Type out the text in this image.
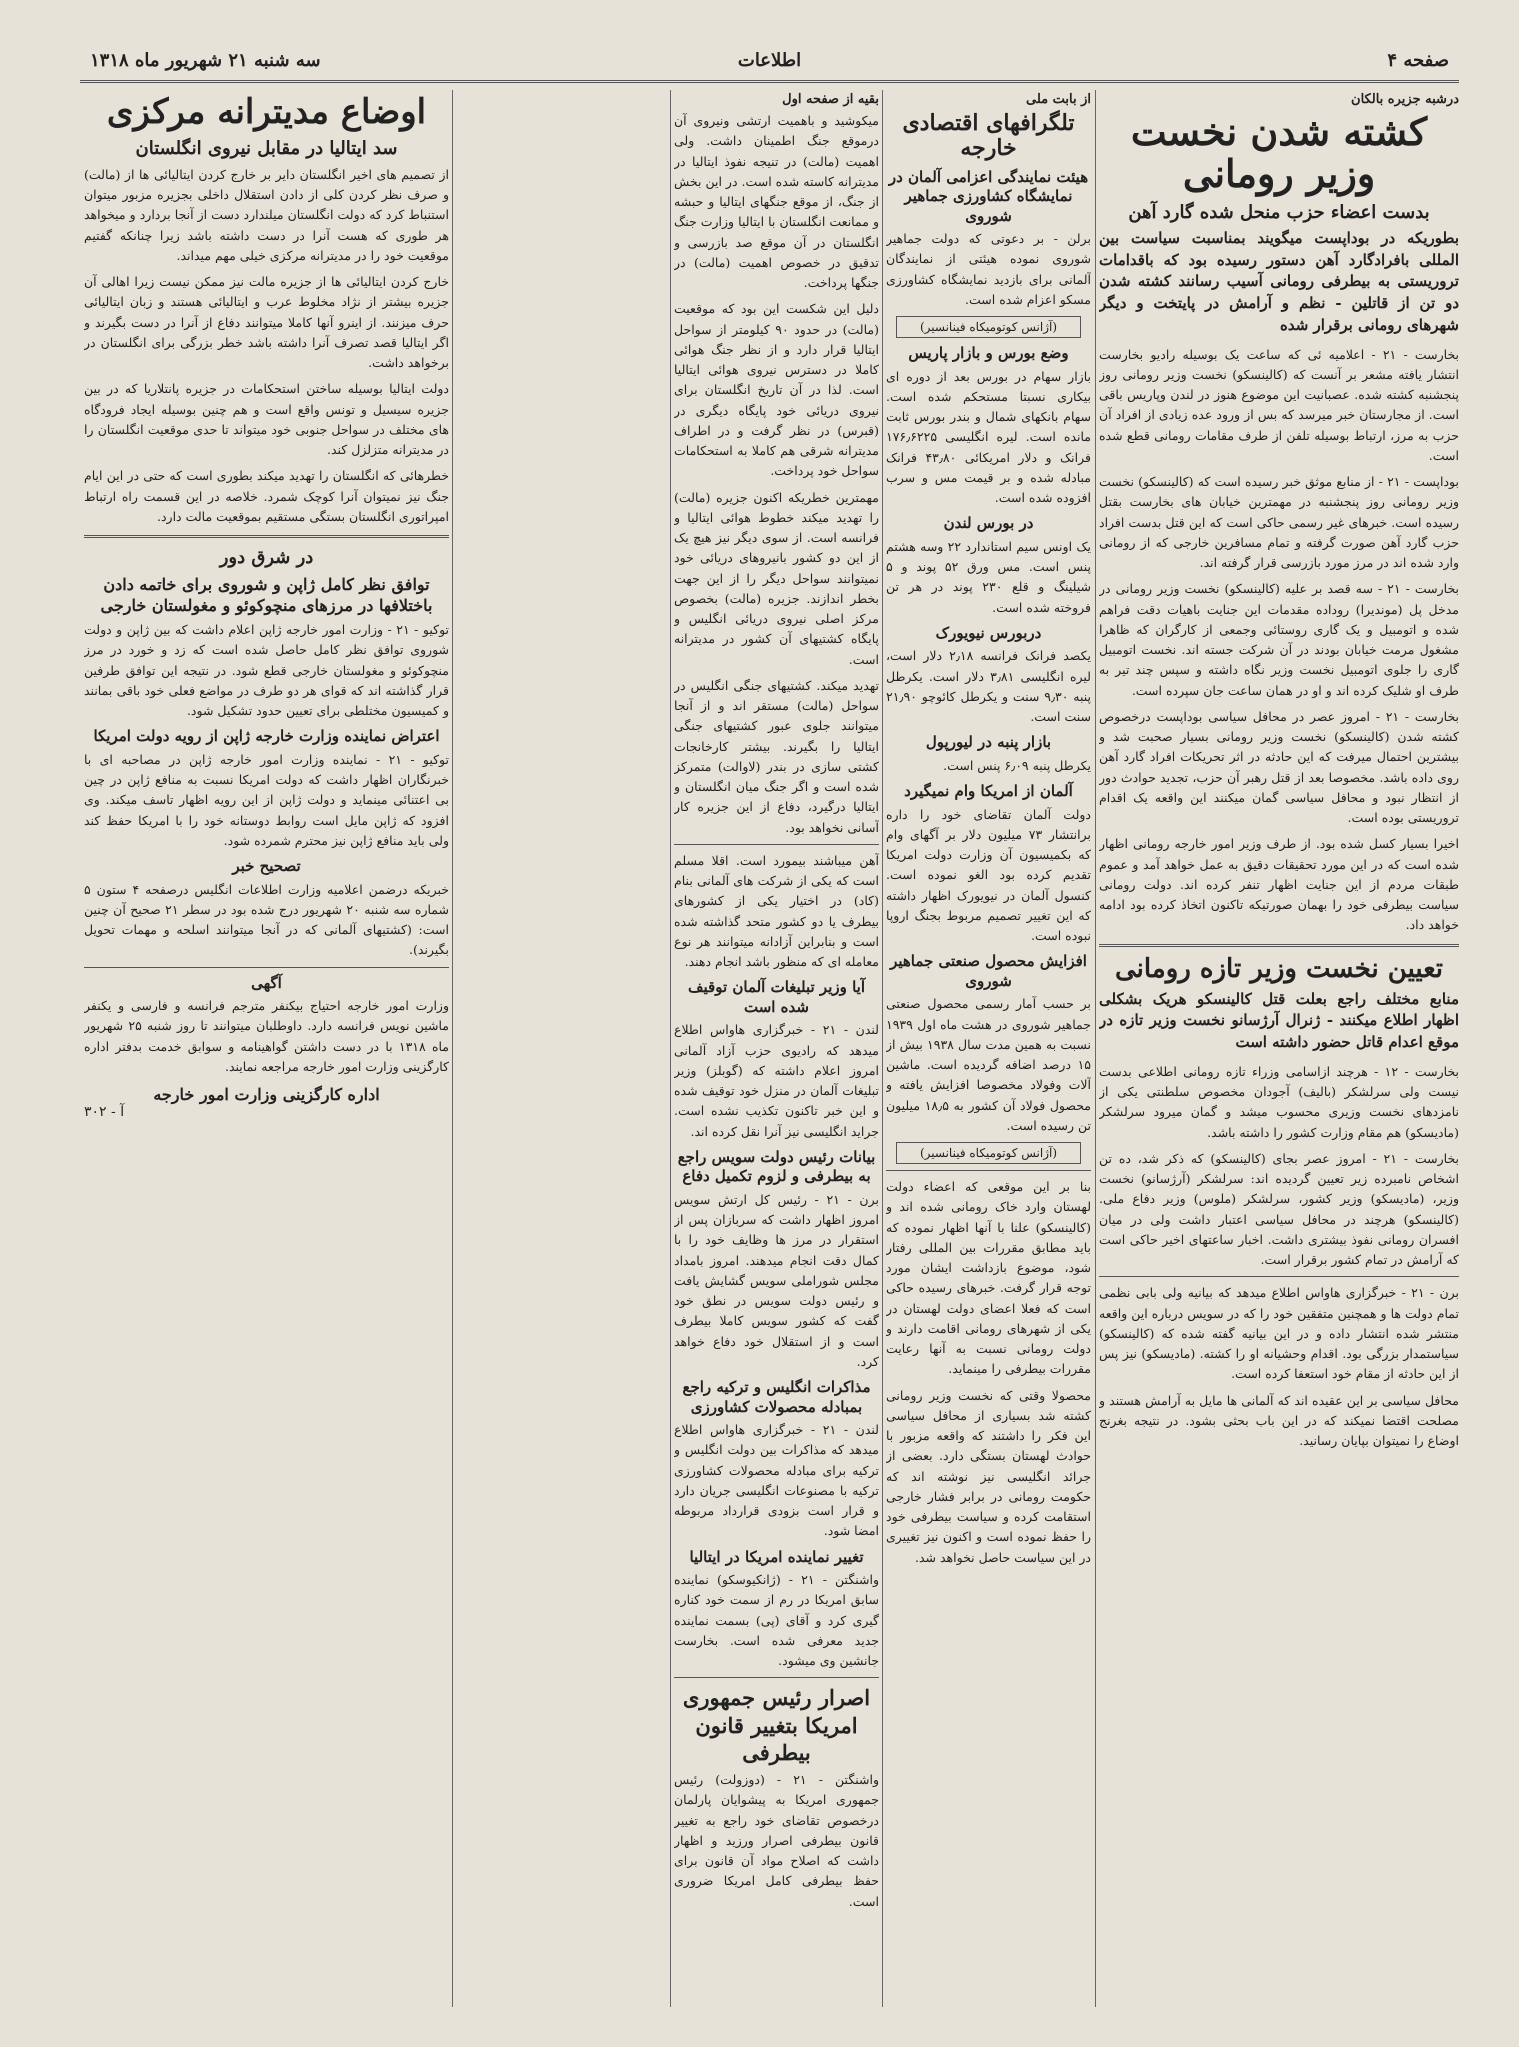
صفحه ۴
اطلاعات
سه شنبه ۲۱ شهریور ماه ۱۳۱۸
درشبه جزیره بالکان
کشته شدن نخست وزیر رومانی
بدست اعضاء حزب منحل شده گارد آهن
بطوریکه در بوداپست میگویند بمناسبت سیاست بین المللی بافرادگارد آهن دستور رسیده بود که باقدامات تروریستی به بیطرفی رومانی آسیب رسانند کشته شدن دو تن از قاتلین - نظم و آرامش در پایتخت و دیگر شهرهای رومانی برقرار شده

بخارست - ۲۱ - اعلامیه ئی که ساعت یک بوسیله رادیو بخارست انتشار یافته مشعر بر آنست که (کالینسکو) نخست وزیر رومانی روز پنجشنبه کشته شده. عصبانیت این موضوع هنوز در لندن وپاریس باقی است. از مجارستان خبر میرسد که بس از ورود عده زیادی از افراد آن حزب به مرز، ارتباط بوسیله تلفن از طرف مقامات رومانی قطع شده است.

بوداپست - ۲۱ - از منابع موثق خبر رسیده است که (کالینسکو) نخست وزیر رومانی روز پنجشنبه در مهمترین خیابان های بخارست بقتل رسیده است. خبرهای غیر رسمی حاکی است که این قتل بدست افراد حزب گارد آهن صورت گرفته و تمام مسافرین خارجی که از رومانی وارد شده اند در مرز مورد بازرسی قرار گرفته اند.

بخارست - ۲۱ - سه قصد بر علیه (کالینسکو) نخست وزیر رومانی در مدخل پل (موندیرا) روداده مقدمات این جنایت باهیات دقت فراهم شده و اتومبیل و یک گاری روستائی وجمعی از کارگران که ظاهرا مشغول مرمت خیابان بودند در آن شرکت جسته اند. نخست اتومبیل گاری را جلوی اتومبیل نخست وزیر نگاه داشته و سپس چند تیر به طرف او شلیک کرده اند و او در همان ساعت جان سپرده است.

بخارست - ۲۱ - امروز عصر در محافل سیاسی بوداپست درخصوص کشته شدن (کالینسکو) نخست وزیر رومانی بسیار صحبت شد و بیشترین احتمال میرفت که این حادثه در اثر تحریکات افراد گارد آهن روی داده باشد. مخصوصا بعد از قتل رهبر آن حزب، تجدید حوادث دور از انتظار نبود و محافل سیاسی گمان میکنند این واقعه یک اقدام تروریستی بوده است.

اخیرا بسیار کسل شده بود. از طرف وزیر امور خارجه رومانی اظهار شده است که در این مورد تحقیقات دقیق به عمل خواهد آمد و عموم طبقات مردم از این جنایت اظهار تنفر کرده اند. دولت رومانی سیاست بیطرفی خود را بهمان صورتیکه تاکنون اتخاذ کرده بود ادامه خواهد داد.

تعیین نخست وزیر تازه رومانی
منابع مختلف راجع بعلت قتل کالینسکو هریک بشکلی اظهار اطلاع میکنند - ژنرال آرژسانو نخست وزیر تازه در موقع اعدام قاتل حضور داشته است

بخارست - ۱۲ - هرچند ازاسامی وزراء تازه رومانی اطلاعی بدست نیست ولی سرلشکر (بالیف) آجودان مخصوص سلطنتی یکی از نامزدهای نخست وزیری محسوب میشد و گمان میرود سرلشکر (مادیسکو) هم مقام وزارت کشور را داشته باشد.

بخارست - ۲۱ - امروز عصر بجای (کالینسکو) که ذکر شد، ده تن اشخاص نامبرده زیر تعیین گردیده اند: سرلشکر (آرژسانو) نخست وزیر، (مادیسکو) وزیر کشور، سرلشکر (ملوس) وزیر دفاع ملی. (کالینسکو) هرچند در محافل سیاسی اعتبار داشت ولی در میان افسران رومانی نفوذ بیشتری داشت. اخبار ساعتهای اخیر حاکی است که آرامش در تمام کشور برقرار است.

برن - ۲۱ - خبرگزاری هاواس اطلاع میدهد که بیانیه ولی بابی نظمی تمام دولت ها و همچنین متفقین خود را که در سویس درباره این واقعه منتشر شده انتشار داده و در این بیانیه گفته شده که (کالینسکو) سیاستمدار بزرگی بود. اقدام وحشیانه او را کشته. (مادیسکو) نیز پس از این حادثه از مقام خود استعفا کرده است.

محافل سیاسی بر این عقیده اند که آلمانی ها مایل به آرامش هستند و مصلحت اقتضا نمیکند که در این باب بحثی بشود. در نتیجه بغرنج اوضاع را نمیتوان بپایان رسانید.

از بابت ملی
تلگرافهای اقتصادی خارجه
هیئت نمایندگی اعزامی آلمان در نمایشگاه کشاورزی جماهیر شوروی

برلن - بر دعوتی که دولت جماهیر شوروی نموده هیئتی از نمایندگان آلمانی برای بازدید نمایشگاه کشاورزی مسکو اعزام شده است.

(آژانس کوتومیکاه فینانسیر)
وضع بورس و بازار پاریس

بازار سهام در بورس بعد از دوره ای بیکاری نسبتا مستحکم شده است. سهام بانکهای شمال و بندر بورس ثابت مانده است. لیره انگلیسی ۱۷۶٫۶۲۲۵ فرانک و دلار امریکائی ۴۳٫۸۰ فرانک مبادله شده و بر قیمت مس و سرب افزوده شده است.

در بورس لندن

یک اونس سیم استاندارد ۲۲ وسه هشتم پنس است. مس ورق ۵۲ پوند و ۵ شیلینگ و قلع ۲۳۰ پوند در هر تن فروخته شده است.

دربورس نیویورک

یکصد فرانک فرانسه ۲٫۱۸ دلار است، لیره انگلیسی ۳٫۸۱ دلار است. یکرطل پنبه ۹٫۳۰ سنت و یکرطل کائوچو ۲۱٫۹۰ سنت است.

بازار پنبه در لیورپول

یکرطل پنبه ۶٫۰۹ پنس است.

آلمان از امریکا وام نمیگیرد

دولت آلمان تقاضای خود را داره برانتشار ۷۳ میلیون دلار بر آگهای وام که بکمیسیون آن وزارت دولت امریکا تقدیم کرده بود الغو نموده است. کنسول آلمان در نیویورک اظهار داشته که این تغییر تصمیم مربوط بجنگ اروپا نبوده است.

افزایش محصول صنعتی جماهیر شوروی

بر حسب آمار رسمی محصول صنعتی جماهیر شوروی در هشت ماه اول ۱۹۳۹ نسبت به همین مدت سال ۱۹۳۸ بیش از ۱۵ درصد اضافه گردیده است. ماشین آلات وفولاد مخصوصا افزایش یافته و محصول فولاد آن کشور به ۱۸٫۵ میلیون تن رسیده است.

(آژانس کوتومیکاه فینانسیر)

بنا بر این موقعی که اعضاء دولت لهستان وارد خاک رومانی شده اند و (کالینسکو) علنا با آنها اظهار نموده که باید مطابق مقررات بین المللی رفتار شود، موضوع بازداشت ایشان مورد توجه قرار گرفت. خبرهای رسیده حاکی است که فعلا اعضای دولت لهستان در یکی از شهرهای رومانی اقامت دارند و دولت رومانی نسبت به آنها رعایت مقررات بیطرفی را مینماید.

محصولا وقتی که نخست وزیر رومانی کشته شد بسیاری از محافل سیاسی این فکر را داشتند که واقعه مزبور با حوادث لهستان بستگی دارد. بعضی از جرائد انگلیسی نیز نوشته اند که حکومت رومانی در برابر فشار خارجی استقامت کرده و سیاست بیطرفی خود را حفظ نموده است و اکنون نیز تغییری در این سیاست حاصل نخواهد شد.

بقیه از صفحه اول

میکوشید و باهمیت ارتشی ونیروی آن درموقع جنگ اطمینان داشت. ولی اهمیت (مالت) در تنیجه نفوذ ایتالیا در مدیترانه کاسته شده است. در این بخش از جنگ، از موقع جنگهای ایتالیا و حبشه و ممانعت انگلستان با ایتالیا وزارت جنگ انگلستان در آن موقع صد بازرسی و تدقیق در خصوص اهمیت (مالت) در جنگها پرداخت.

دلیل این شکست این بود که موقعیت (مالت) در حدود ۹۰ کیلومتر از سواحل ایتالیا قرار دارد و از نظر جنگ هوائی کاملا در دسترس نیروی هوائی ایتالیا است. لذا در آن تاریخ انگلستان برای نیروی دریائی خود پایگاه دیگری در (قبرس) در نظر گرفت و در اطراف مدیترانه شرقی هم کاملا به استحکامات سواحل خود پرداخت.

مهمترین خطریکه اکنون جزیره (مالت) را تهدید میکند خطوط هوائی ایتالیا و فرانسه است. از سوی دیگر نیز هیچ یک از این دو کشور بانیروهای دریائی خود نمیتوانند سواحل دیگر را از این جهت بخطر اندازند. جزیره (مالت) بخصوص مرکز اصلی نیروی دریائی انگلیس و پایگاه کشتیهای آن کشور در مدیترانه است.

تهدید میکند. کشتیهای جنگی انگلیس در سواحل (مالت) مستقر اند و از آنجا میتوانند جلوی عبور کشتیهای جنگی ایتالیا را بگیرند. بیشتر کارخانجات کشتی سازی در بندر (لاوالت) متمرکز شده است و اگر جنگ میان انگلستان و ایتالیا درگیرد، دفاع از این جزیره کار آسانی نخواهد بود.

آهن میباشند بیمورد است. اقلا مسلم است که یکی از شرکت های آلمانی بنام (کاد) در اختیار یکی از کشورهای بیطرف یا دو کشور متحد گذاشته شده است و بنابراین آزادانه میتوانند هر نوع معامله ای که منظور باشد انجام دهند.

آیا وزیر تبلیغات آلمان توقیف شده است

لندن - ۲۱ - خبرگزاری هاواس اطلاع میدهد که رادیوی حزب آزاد آلمانی امروز اعلام داشته که (گوبلز) وزیر تبلیغات آلمان در منزل خود توقیف شده و این خبر تاکنون تکذیب نشده است. جراید انگلیسی نیز آنرا نقل کرده اند.

بیانات رئیس دولت سویس راجع به بیطرفی و لزوم تکمیل دفاع

برن - ۲۱ - رئیس کل ارتش سویس امروز اظهار داشت که سربازان پس از استقرار در مرز ها وظایف خود را با کمال دقت انجام میدهند. امروز بامداد مجلس شوراملی سویس گشایش یافت و رئیس دولت سویس در نطق خود گفت که کشور سویس کاملا بیطرف است و از استقلال خود دفاع خواهد کرد.

مذاکرات انگلیس و ترکیه راجع بمبادله محصولات کشاورزی

لندن - ۲۱ - خبرگزاری هاواس اطلاع میدهد که مذاکرات بین دولت انگلیس و ترکیه برای مبادله محصولات کشاورزی ترکیه با مصنوعات انگلیسی جریان دارد و قرار است بزودی قرارداد مربوطه امضا شود.

تغییر نماینده امریکا در ایتالیا

واشنگتن - ۲۱ - (ژانکیوسکو) نماینده سابق امریکا در رم از سمت خود کناره گیری کرد و آقای (پی) بسمت نماینده جدید معرفی شده است. بخارست جانشین وی میشود.

اصرار رئیس جمهوری امریکا بتغییر قانون بیطرفی

واشنگتن - ۲۱ - (دوزولت) رئیس جمهوری امریکا به پیشوایان پارلمان درخصوص تقاضای خود راجع به تغییر قانون بیطرفی اصرار ورزید و اظهار داشت که اصلاح مواد آن قانون برای حفظ بیطرفی کامل امریکا ضروری است.

اوضاع مدیترانه مرکزی
سد ایتالیا در مقابل نیروی انگلستان

از تصمیم های اخیر انگلستان دایر بر خارج کردن ایتالیائی ها از (مالت) و صرف نظر کردن کلی از دادن استقلال داخلی بجزیره مزبور میتوان استنباط کرد که دولت انگلستان میلندارد دست از آنجا بردارد و میخواهد هر طوری که هست آنرا در دست داشته باشد زیرا چنانکه گفتیم موقعیت خود را در مدیترانه مرکزی خیلی مهم میداند.

خارج کردن ایتالیائی ها از جزیره مالت نیز ممکن نیست زیرا اهالی آن جزیره بیشتر از نژاد مخلوط عرب و ایتالیائی هستند و زبان ایتالیائی حرف میزنند. از اینرو آنها کاملا میتوانند دفاع از آنرا در دست بگیرند و اگر ایتالیا قصد تصرف آنرا داشته باشد خطر بزرگی برای انگلستان در برخواهد داشت.

دولت ایتالیا بوسیله ساختن استحکامات در جزیره پانتلاریا که در بین جزیره سیسیل و تونس واقع است و هم چنین بوسیله ایجاد فرودگاه های مختلف در سواحل جنوبی خود میتواند تا حدی موقعیت انگلستان را در مدیترانه متزلزل کند.

خطرهائی که انگلستان را تهدید میکند بطوری است که حتی در این ایام جنگ نیز نمیتوان آنرا کوچک شمرد. خلاصه در این قسمت راه ارتباط امپراتوری انگلستان بستگی مستقیم بموقعیت مالت دارد.

در شرق دور
توافق نظر کامل ژاپن و شوروی برای خاتمه دادن باختلافها در مرزهای منچوکوئو و مغولستان خارجی

توکیو - ۲۱ - وزارت امور خارجه ژاپن اعلام داشت که بین ژاپن و دولت شوروی توافق نظر کامل حاصل شده است که زد و خورد در مرز منچوکوئو و مغولستان خارجی قطع شود. در نتیجه این توافق طرفین قرار گذاشته اند که قوای هر دو طرف در مواضع فعلی خود باقی بمانند و کمیسیون مختلطی برای تعیین حدود تشکیل شود.

اعتراض نماینده وزارت خارجه ژاپن از رویه دولت امریکا

توکیو - ۲۱ - نماینده وزارت امور خارجه ژاپن در مصاحبه ای با خبرنگاران اظهار داشت که دولت امریکا نسبت به منافع ژاپن در چین بی اعتنائی مینماید و دولت ژاپن از این رویه اظهار تاسف میکند. وی افزود که ژاپن مایل است روابط دوستانه خود را با امریکا حفظ کند ولی باید منافع ژاپن نیز محترم شمرده شود.

تصحیح خبر

خبریکه درضمن اعلامیه وزارت اطلاعات انگلیس درصفحه ۴ ستون ۵ شماره سه شنبه ۲۰ شهریور درج شده بود در سطر ۲۱ صحیح آن چنین است: (کشتیهای آلمانی که در آنجا میتوانند اسلحه و مهمات تحویل بگیرند).

آگهی

وزارت امور خارجه احتیاج بیکنفر مترجم فرانسه و فارسی و یکنفر ماشین نویس فرانسه دارد. داوطلبان میتوانند تا روز شنبه ۲۵ شهریور ماه ۱۳۱۸ با در دست داشتن گواهینامه و سوابق خدمت بدفتر اداره کارگزینی وزارت امور خارجه مراجعه نمایند.

اداره کارگزینی وزارت امور خارجه
۳۰۲ - آ
